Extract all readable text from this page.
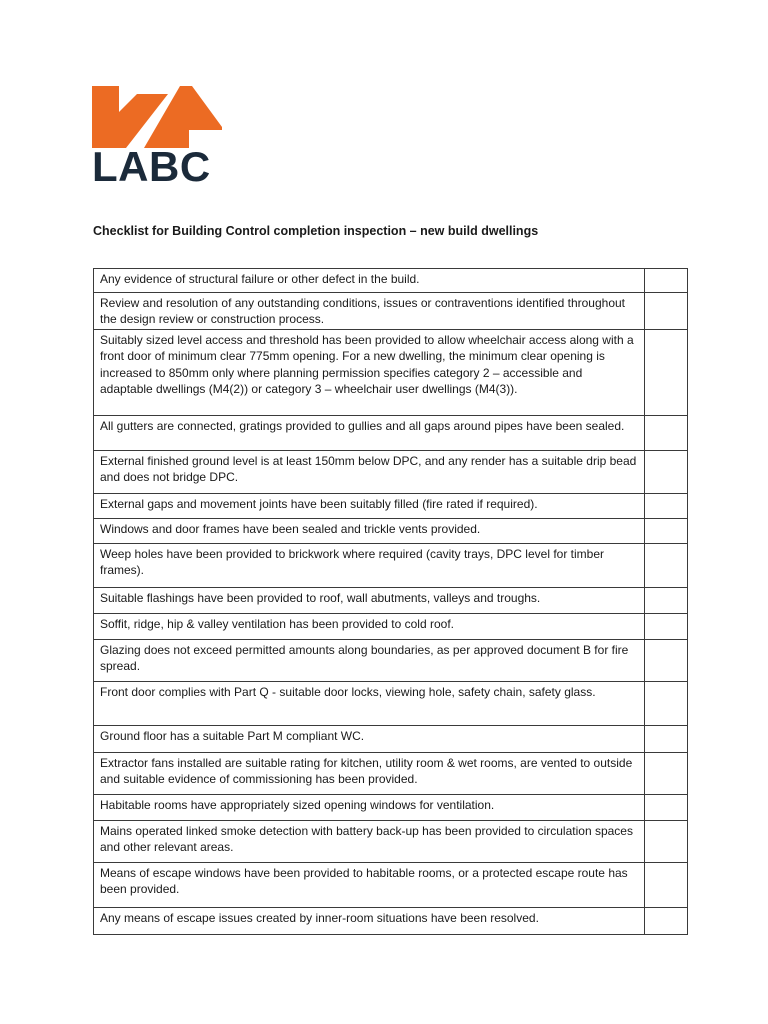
LABC
Checklist for Building Control completion inspection – new build dwellings
Any evidence of structural failure or other defect in the build.	
Review and resolution of any outstanding conditions, issues or contraventions identified throughout the design review or construction process.	
Suitably sized level access and threshold has been provided to allow wheelchair access along with a front door of minimum clear 775mm opening. For a new dwelling, the minimum clear opening is increased to 850mm only where planning permission specifies category 2 – accessible and adaptable dwellings (M4(2)) or category 3 – wheelchair user dwellings (M4(3)).	
All gutters are connected, gratings provided to gullies and all gaps around pipes have been sealed.	
External finished ground level is at least 150mm below DPC, and any render has a suitable drip bead and does not bridge DPC.	
External gaps and movement joints have been suitably filled (fire rated if required).	
Windows and door frames have been sealed and trickle vents provided.	
Weep holes have been provided to brickwork where required (cavity trays, DPC level for timber frames).	
Suitable flashings have been provided to roof, wall abutments, valleys and troughs.	
Soffit, ridge, hip & valley ventilation has been provided to cold roof.	
Glazing does not exceed permitted amounts along boundaries, as per approved document B for fire spread.	
Front door complies with Part Q - suitable door locks, viewing hole, safety chain, safety glass.	
Ground floor has a suitable Part M compliant WC.	
Extractor fans installed are suitable rating for kitchen, utility room & wet rooms, are vented to outside and suitable evidence of commissioning has been provided.	
Habitable rooms have appropriately sized opening windows for ventilation.	
Mains operated linked smoke detection with battery back-up has been provided to circulation spaces and other relevant areas.	
Means of escape windows have been provided to habitable rooms, or a protected escape route has been provided.	
Any means of escape issues created by inner-room situations have been resolved.	
